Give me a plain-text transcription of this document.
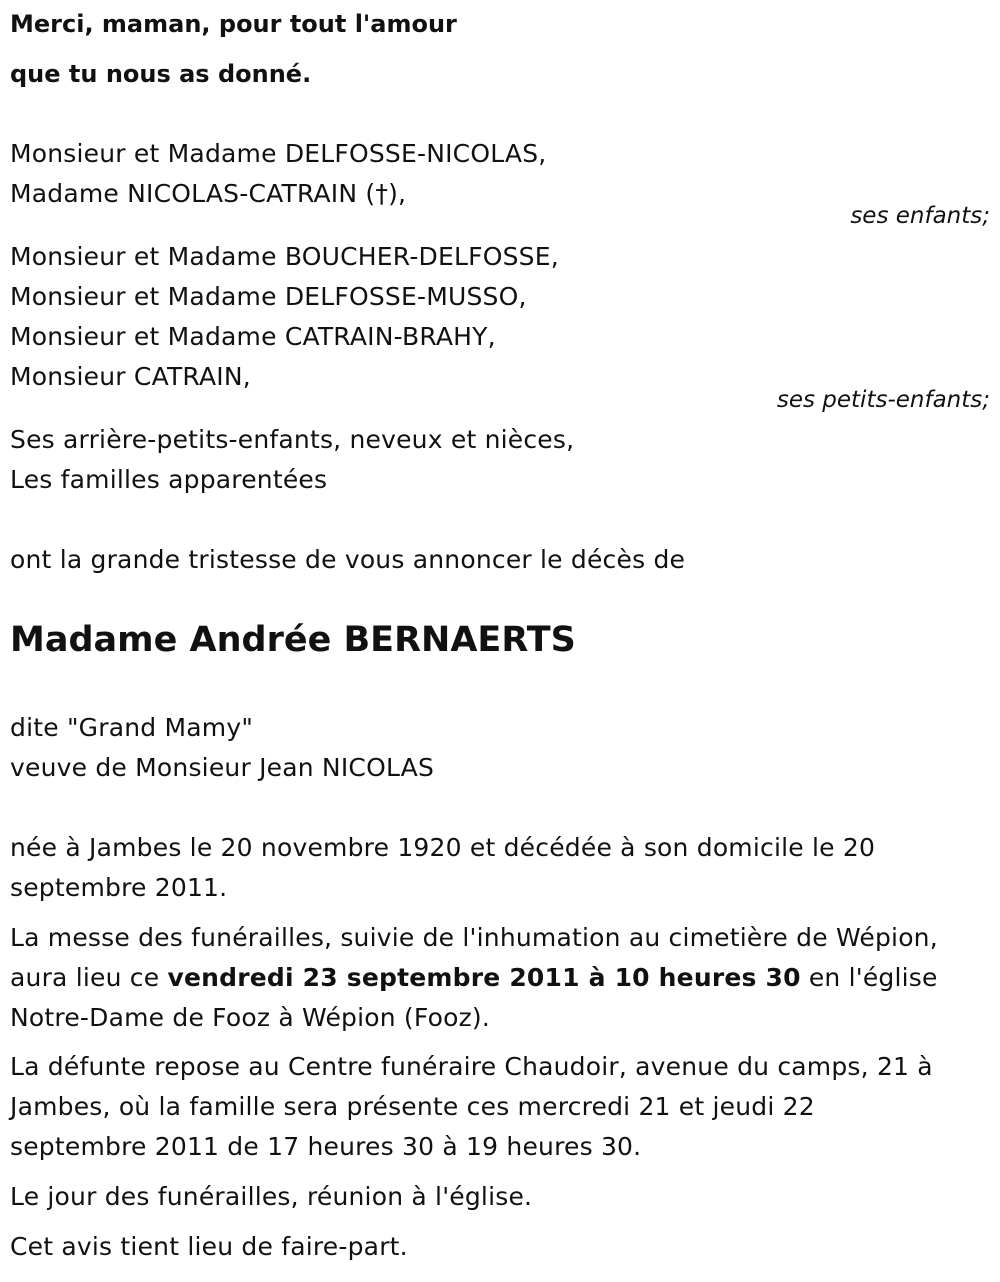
Merci, maman, pour tout l'amour

que tu nous as donné.

Monsieur et Madame DELFOSSE-NICOLAS,

Madame NICOLAS-CATRAIN (†),

ses enfants;

Monsieur et Madame BOUCHER-DELFOSSE,

Monsieur et Madame DELFOSSE-MUSSO,

Monsieur et Madame CATRAIN-BRAHY,

Monsieur CATRAIN,

ses petits-enfants;

Ses arrière-petits-enfants, neveux et nièces,

Les familles apparentées

ont la grande tristesse de vous annoncer le décès de

Madame Andrée BERNAERTS

dite "Grand Mamy"

veuve de Monsieur Jean NICOLAS

née à Jambes le 20 novembre 1920 et décédée à son domicile le 20
septembre 2011.
La messe des funérailles, suivie de l'inhumation au cimetière de Wépion,
aura lieu ce vendredi 23 septembre 2011 à 10 heures 30 en l'église
Notre-Dame de Fooz à Wépion (Fooz).
La défunte repose au Centre funéraire Chaudoir, avenue du camps, 21 à
Jambes, où la famille sera présente ces mercredi 21 et jeudi 22
septembre 2011 de 17 heures 30 à 19 heures 30.

Le jour des funérailles, réunion à l'église.

Cet avis tient lieu de faire-part.
